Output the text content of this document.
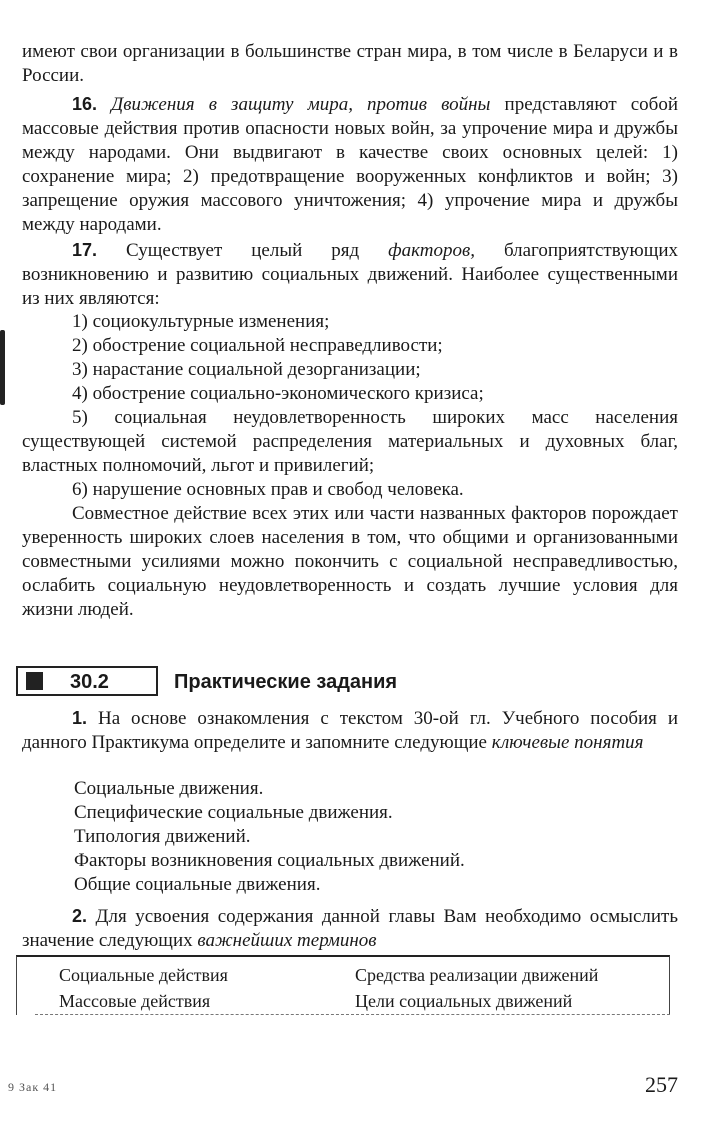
имеют свои организации в большинстве стран мира, в том числе в Беларуси и в России.
16. Движения в защиту мира, против войны представляют собой массовые действия против опасности новых войн, за упрочение мира и дружбы между народами. Они выдвигают в качестве своих основных целей: 1) сохранение мира; 2) предотвращение вооруженных конфликтов и войн; 3) запрещение оружия массового уничтожения; 4) упрочение мира и дружбы между народами.
17. Существует целый ряд факторов, благоприятствующих возникновению и развитию социальных движений. Наиболее существенными из них являются:
1) социокультурные изменения;
2) обострение социальной несправедливости;
3) нарастание социальной дезорганизации;
4) обострение социально-экономического кризиса;
5) социальная неудовлетворенность широких масс населения существующей системой распределения материальных и духовных благ, властных полномочий, льгот и привилегий;
6) нарушение основных прав и свобод человека.
Совместное действие всех этих или части названных факторов порождает уверенность широких слоев населения в том, что общими и организованными совместными усилиями можно покончить с социальной несправедливостью, ослабить социальную неудовлетворенность и создать лучшие условия для жизни людей.
30.2	Практические задания
1. На основе ознакомления с текстом 30-ой гл. Учебного пособия и данного Практикума определите и запомните следующие ключевые понятия
Социальные движения.
Специфические социальные движения.
Типология движений.
Факторы возникновения социальных движений.
Общие социальные движения.
2. Для усвоения содержания данной главы Вам необходимо осмыслить значение следующих важнейших терминов
Социальные действия	Средства реализации движений
Массовые действия	Цели социальных движений
9 Зак 41	257
